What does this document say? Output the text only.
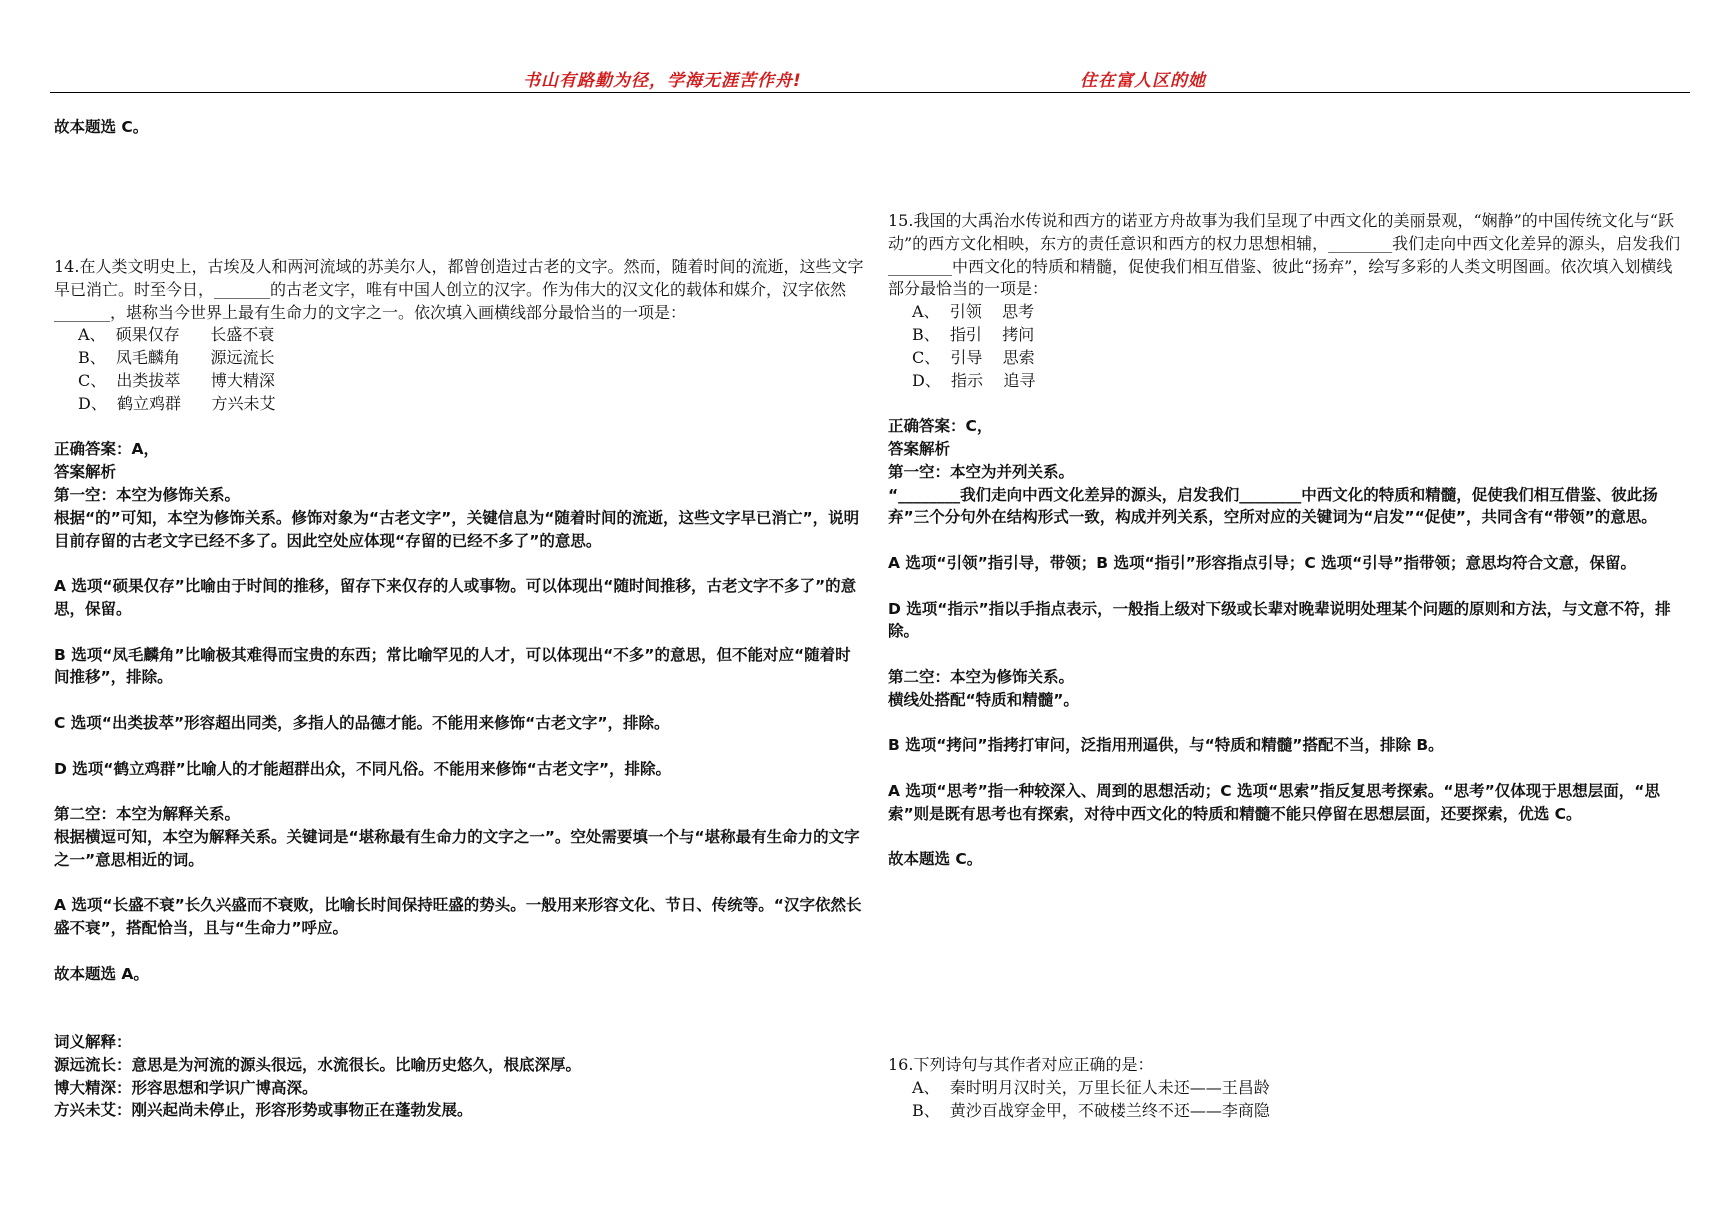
书山有路勤为径，学海无涯苦作舟!	住在富人区的她

故本题选 C。

14.在人类文明史上，古埃及人和两河流域的苏美尔人，都曾创造过古老的文字。然而，随着时间的流逝，这些文字早已消亡。时至今日，_______的古老文字，唯有中国人创立的汉字。作为伟大的汉文化的载体和媒介，汉字依然_______，堪称当今世界上最有生命力的文字之一。依次填入画横线部分最恰当的一项是：

A、  硕果仅存      长盛不衰

B、  凤毛麟角      源远流长

C、  出类拔萃      博大精深

D、  鹤立鸡群      方兴未艾

正确答案：A，

答案解析

第一空：本空为修饰关系。

根据“的”可知，本空为修饰关系。修饰对象为“古老文字”，关键信息为“随着时间的流逝，这些文字早已消亡”，说明目前存留的古老文字已经不多了。因此空处应体现“存留的已经不多了”的意思。

A 选项“硕果仅存”比喻由于时间的推移，留存下来仅存的人或事物。可以体现出“随时间推移，古老文字不多了”的意思，保留。

B 选项“凤毛麟角”比喻极其难得而宝贵的东西；常比喻罕见的人才，可以体现出“不多”的意思，但不能对应“随着时间推移”，排除。

C 选项“出类拔萃”形容超出同类，多指人的品德才能。不能用来修饰“古老文字”，排除。

D 选项“鹤立鸡群”比喻人的才能超群出众，不同凡俗。不能用来修饰“古老文字”，排除。

第二空：本空为解释关系。

根据横逗可知，本空为解释关系。关键词是“堪称最有生命力的文字之一”。空处需要填一个与“堪称最有生命力的文字之一”意思相近的词。

A 选项“长盛不衰”长久兴盛而不衰败，比喻长时间保持旺盛的势头。一般用来形容文化、节日、传统等。“汉字依然长盛不衰”，搭配恰当，且与“生命力”呼应。

故本题选 A。

词义解释：

源远流长：意思是为河流的源头很远，水流很长。比喻历史悠久，根底深厚。

博大精深：形容思想和学识广博高深。

方兴未艾：刚兴起尚未停止，形容形势或事物正在蓬勃发展。

15.我国的大禹治水传说和西方的诺亚方舟故事为我们呈现了中西文化的美丽景观，“娴静”的中国传统文化与“跃动”的西方文化相映，东方的责任意识和西方的权力思想相辅，________我们走向中西文化差异的源头，启发我们________中西文化的特质和精髓，促使我们相互借鉴、彼此“扬弃”，绘写多彩的人类文明图画。依次填入划横线部分最恰当的一项是：

A、  引领    思考

B、  指引    拷问

C、  引导    思索

D、  指示    追寻

正确答案：C，

答案解析

第一空：本空为并列关系。

“________我们走向中西文化差异的源头，启发我们________中西文化的特质和精髓，促使我们相互借鉴、彼此扬弃”三个分句外在结构形式一致，构成并列关系，空所对应的关键词为“启发”“促使”，共同含有“带领”的意思。

A 选项“引领”指引导，带领；B 选项“指引”形容指点引导；C 选项“引导”指带领；意思均符合文意，保留。

D 选项“指示”指以手指点表示，一般指上级对下级或长辈对晚辈说明处理某个问题的原则和方法，与文意不符，排除。

第二空：本空为修饰关系。

横线处搭配“特质和精髓”。

B 选项“拷问”指拷打审问，泛指用刑逼供，与“特质和精髓”搭配不当，排除 B。

A 选项“思考”指一种较深入、周到的思想活动；C 选项“思索”指反复思考探索。“思考”仅体现于思想层面，“思索”则是既有思考也有探索，对待中西文化的特质和精髓不能只停留在思想层面，还要探索，优选 C。

故本题选 C。

16.下列诗句与其作者对应正确的是：

A、  秦时明月汉时关，万里长征人未还——王昌龄

B、  黄沙百战穿金甲，不破楼兰终不还——李商隐
